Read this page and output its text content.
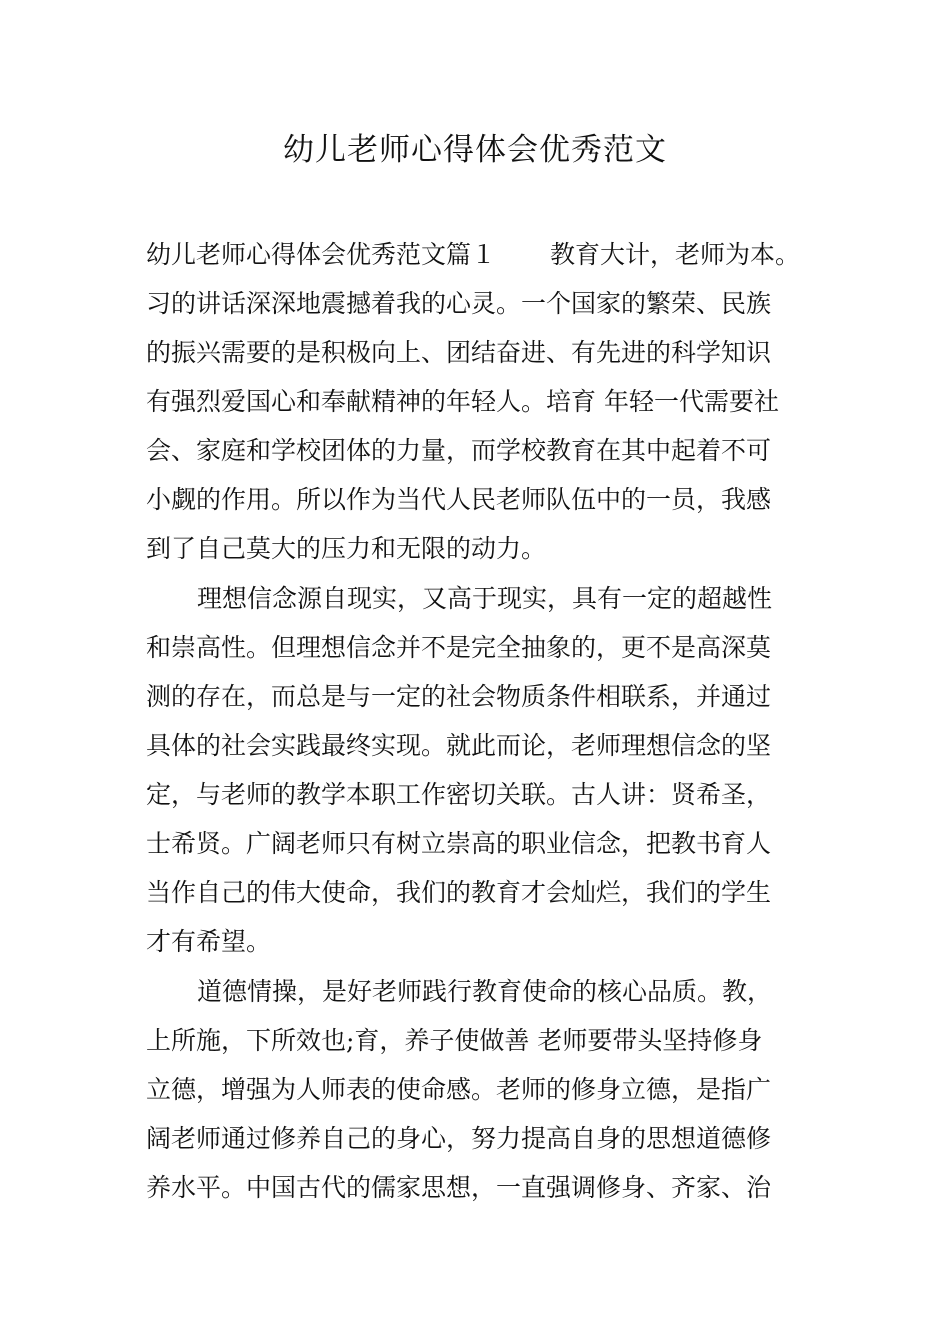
幼儿老师心得体会优秀范文
幼儿老师心得体会优秀范文篇１ 教育大计，老师为本。
习的讲话深深地震撼着我的心灵。一个国家的繁荣、民族
的振兴需要的是积极向上、团结奋进、有先进的科学知识
有强烈爱国心和奉献精神的年轻人。培育 年轻一代需要社
会、家庭和学校团体的力量，而学校教育在其中起着不可
小觑的作用。所以作为当代人民老师队伍中的一员，我感
到了自己莫大的压力和无限的动力。
理想信念源自现实，又高于现实，具有一定的超越性
和崇高性。但理想信念并不是完全抽象的，更不是高深莫
测的存在，而总是与一定的社会物质条件相联系，并通过
具体的社会实践最终实现。就此而论，老师理想信念的坚
定，与老师的教学本职工作密切关联。古人讲：贤希圣，
士希贤。广阔老师只有树立崇高的职业信念，把教书育人
当作自己的伟大使命，我们的教育才会灿烂，我们的学生
才有希望。
道德情操，是好老师践行教育使命的核心品质。教，
上所施，下所效也;育，养子使做善 老师要带头坚持修身
立德，增强为人师表的使命感。老师的修身立德，是指广
阔老师通过修养自己的身心，努力提高自身的思想道德修
养水平。中国古代的儒家思想，一直强调修身、齐家、治
